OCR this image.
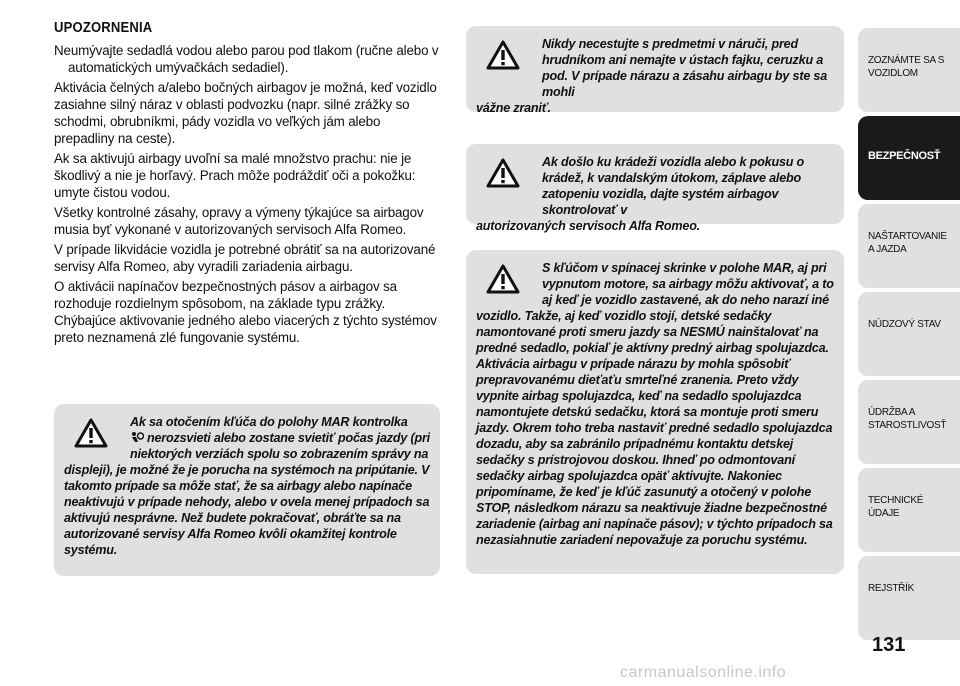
UPOZORNENIA

Neumývajte sedadlá vodou alebo parou pod tlakom (ručne alebo v automatických umývačkách sedadiel).

Aktivácia čelných a/alebo bočných airbagov je možná, keď vozidlo zasiahne silný náraz v oblasti podvozku (napr. silné zrážky so schodmi, obrubníkmi, pády vozidla vo veľkých jám alebo prepadliny na ceste).

Ak sa aktivujú airbagy uvoľní sa malé množstvo prachu: nie je škodlivý a nie je horľavý. Prach môže podráždiť oči a pokožku: umyte čistou vodou.

Všetky kontrolné zásahy, opravy a výmeny týkajúce sa airbagov musia byť vykonané v autorizovaných servisoch Alfa Romeo.

V prípade likvidácie vozidla je potrebné obrátiť sa na autorizované servisy Alfa Romeo, aby vyradili zariadenia airbagu.

O aktivácii napínačov bezpečnostných pásov a airbagov sa rozhoduje rozdielnym spôsobom, na základe typu zrážky. Chýbajúce aktivovanie jedného alebo viacerých z týchto systémov preto neznamená zlé fungovanie systému.

Ak sa otočením kľúča do polohy MAR kontrolka
nerozsvieti alebo zostane svietiť počas jazdy (pri niektorých verziách spolu so zobrazením správy na
displeji), je možné že je porucha na systémoch na pripútanie. V takomto prípade sa môže stať, že sa airbagy alebo napínače neaktivujú v prípade nehody, alebo v ovela menej prípadoch sa aktivujú nesprávne. Než budete pokračovať, obráťte sa na autorizované servisy Alfa Romeo kvôli okamžitej kontrole systému.
Nikdy necestujte s predmetmi v náruči, pred hrudníkom ani nemajte v ústach fajku, ceruzku a pod. V prípade nárazu a zásahu airbagu by ste sa mohli
vážne zraniť.
Ak došlo ku krádeži vozidla alebo k pokusu o krádež, k vandalským útokom, záplave alebo zatopeniu vozidla, dajte systém airbagov skontrolovať v
autorizovaných servisoch Alfa Romeo.
S kľúčom v spínacej skrinke v polohe MAR, aj pri vypnutom motore, sa airbagy môžu aktivovať, a to aj keď je vozidlo zastavené, ak do neho narazí iné
vozidlo. Takže, aj keď vozidlo stojí, detské sedačky namontované proti smeru jazdy sa NESMÚ nainštalovať na predné sedadlo, pokiaľ je aktívny predný airbag spolujazdca. Aktivácia airbagu v prípade nárazu by mohla spôsobiť prepravovanému dieťaťu smrteľné zranenia. Preto vždy vypnite airbag spolujazdca, keď na sedadlo spolujazdca namontujete detskú sedačku, ktorá sa montuje proti smeru jazdy. Okrem toho treba nastaviť predné sedadlo spolujazdca dozadu, aby sa zabránilo prípadnému kontaktu detskej sedačky s prístrojovou doskou. Ihneď po odmontovaní sedačky airbag spolujazdca opäť aktivujte. Nakoniec pripomíname, že keď je kľúč zasunutý a otočený v polohe STOP, následkom nárazu sa neaktivuje žiadne bezpečnostné zariadenie (airbag ani napínače pásov); v týchto prípadoch sa nezasiahnutie zariadení nepovažuje za poruchu systému.
ZOZNÁMTE SA S VOZIDLOM
BEZPEČNOSŤ
NAŠTARTOVANIE A JAZDA
NÚDZOVÝ STAV
ÚDRŽBA A STAROSTLIVOSŤ
TECHNICKÉ ÚDAJE
REJSTŘÍK
131
carmanualsonline.info
